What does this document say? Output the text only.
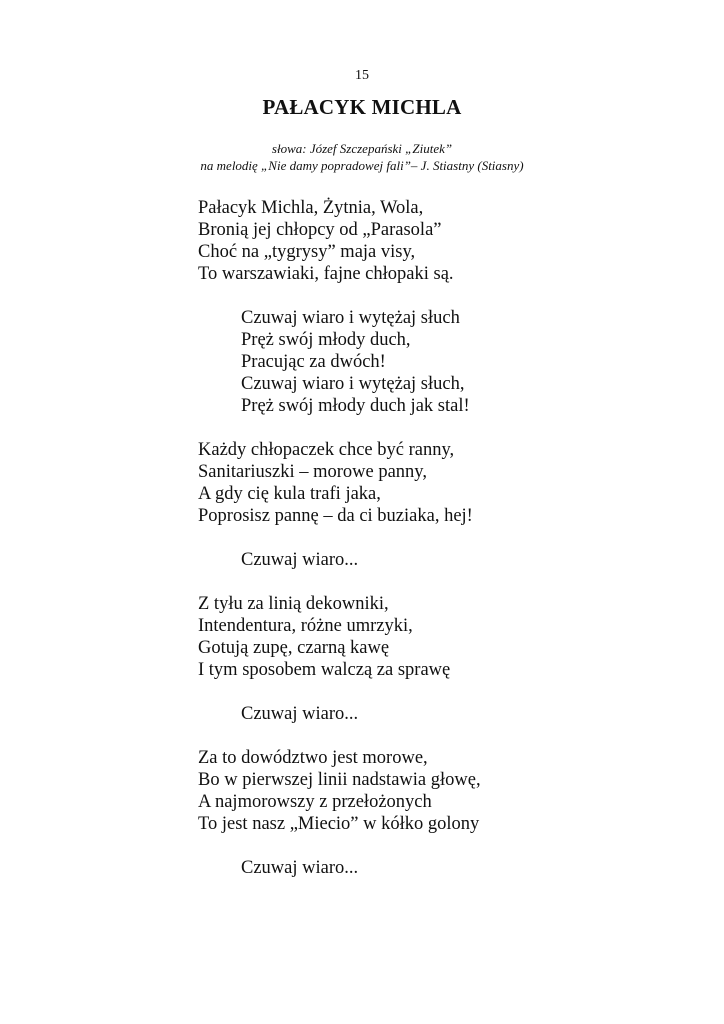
15
PAŁACYK MICHLA
słowa: Józef Szczepański „Ziutek”
na melodię „Nie damy popradowej fali”– J. Stiastny (Stiasny)
Pałacyk Michla, Żytnia, Wola,
Bronią jej chłopcy od „Parasola”
Choć na „tygrysy” maja visy,
To warszawiaki, fajne chłopaki są.
Czuwaj wiaro i wytężaj słuch
Pręż swój młody duch,
Pracując za dwóch!
Czuwaj wiaro i wytężaj słuch,
Pręż swój młody duch jak stal!
Każdy chłopaczek chce być ranny,
Sanitariuszki – morowe panny,
A gdy cię kula trafi jaka,
Poprosisz pannę – da ci buziaka, hej!
Czuwaj wiaro...
Z tyłu za linią dekowniki,
Intendentura, różne umrzyki,
Gotują zupę, czarną kawę
I tym sposobem walczą za sprawę
Czuwaj wiaro...
Za to dowództwo jest morowe,
Bo w pierwszej linii nadstawia głowę,
A najmorowszy z przełożonych
To jest nasz „Miecio” w kółko golony
Czuwaj wiaro...
